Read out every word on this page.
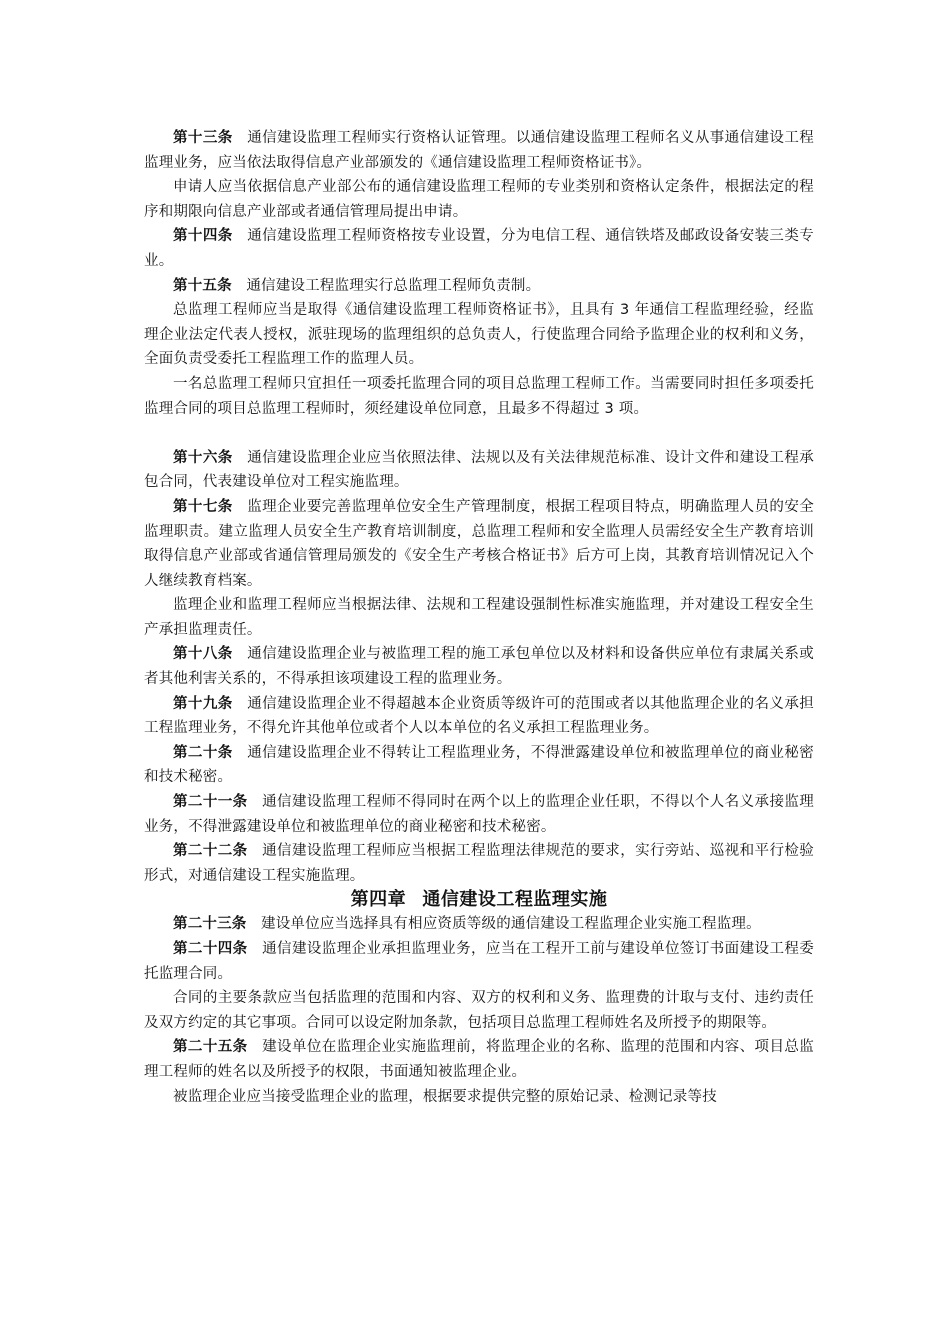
第十三条 通信建设监理工程师实行资格认证管理。以通信建设监理工程师名义从事通信建设工程监理业务，应当依法取得信息产业部颁发的《通信建设监理工程师资格证书》。

申请人应当依据信息产业部公布的通信建设监理工程师的专业类别和资格认定条件，根据法定的程序和期限向信息产业部或者通信管理局提出申请。

第十四条 通信建设监理工程师资格按专业设置，分为电信工程、通信铁塔及邮政设备安装三类专业。

第十五条 通信建设工程监理实行总监理工程师负责制。

总监理工程师应当是取得《通信建设监理工程师资格证书》，且具有 3 年通信工程监理经验，经监理企业法定代表人授权，派驻现场的监理组织的总负责人，行使监理合同给予监理企业的权利和义务，全面负责受委托工程监理工作的监理人员。

一名总监理工程师只宜担任一项委托监理合同的项目总监理工程师工作。当需要同时担任多项委托监理合同的项目总监理工程师时，须经建设单位同意，且最多不得超过 3 项。

第十六条 通信建设监理企业应当依照法律、法规以及有关法律规范标准、设计文件和建设工程承包合同，代表建设单位对工程实施监理。

第十七条 监理企业要完善监理单位安全生产管理制度，根据工程项目特点，明确监理人员的安全监理职责。建立监理人员安全生产教育培训制度，总监理工程师和安全监理人员需经安全生产教育培训取得信息产业部或省通信管理局颁发的《安全生产考核合格证书》后方可上岗，其教育培训情况记入个人继续教育档案。

监理企业和监理工程师应当根据法律、法规和工程建设强制性标准实施监理，并对建设工程安全生产承担监理责任。

第十八条 通信建设监理企业与被监理工程的施工承包单位以及材料和设备供应单位有隶属关系或者其他利害关系的，不得承担该项建设工程的监理业务。

第十九条 通信建设监理企业不得超越本企业资质等级许可的范围或者以其他监理企业的名义承担工程监理业务，不得允许其他单位或者个人以本单位的名义承担工程监理业务。

第二十条 通信建设监理企业不得转让工程监理业务，不得泄露建设单位和被监理单位的商业秘密和技术秘密。

第二十一条 通信建设监理工程师不得同时在两个以上的监理企业任职，不得以个人名义承接监理业务，不得泄露建设单位和被监理单位的商业秘密和技术秘密。

第二十二条 通信建设监理工程师应当根据工程监理法律规范的要求，实行旁站、巡视和平行检验形式，对通信建设工程实施监理。

第四章 通信建设工程监理实施

第二十三条 建设单位应当选择具有相应资质等级的通信建设工程监理企业实施工程监理。

第二十四条 通信建设监理企业承担监理业务，应当在工程开工前与建设单位签订书面建设工程委托监理合同。

合同的主要条款应当包括监理的范围和内容、双方的权利和义务、监理费的计取与支付、违约责任及双方约定的其它事项。合同可以设定附加条款，包括项目总监理工程师姓名及所授予的期限等。

第二十五条 建设单位在监理企业实施监理前，将监理企业的名称、监理的范围和内容、项目总监理工程师的姓名以及所授予的权限，书面通知被监理企业。

被监理企业应当接受监理企业的监理，根据要求提供完整的原始记录、检测记录等技
